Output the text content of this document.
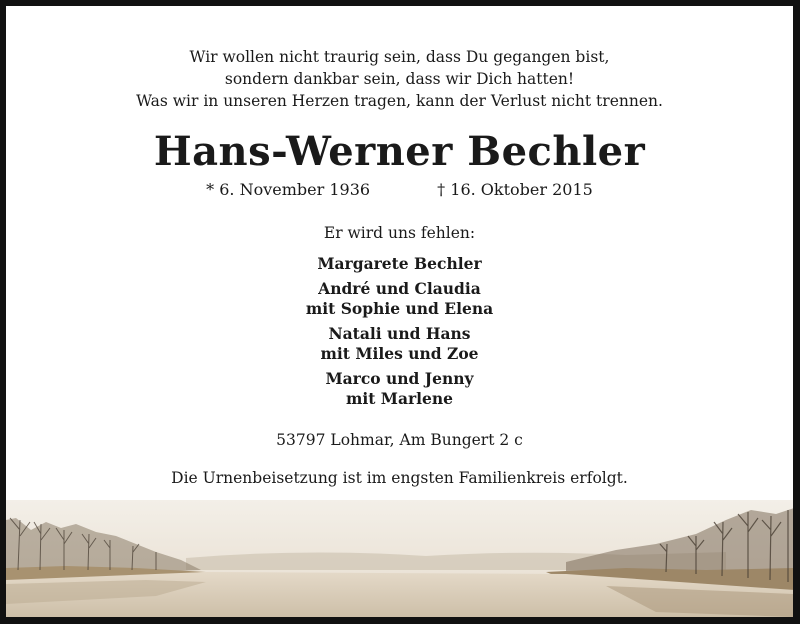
Wir wollen nicht traurig sein, dass Du gegangen bist,
sondern dankbar sein, dass wir Dich hatten!
Was wir in unseren Herzen tragen, kann der Verlust nicht trennen.
Hans-Werner Bechler
* 6. November 1936	† 16. Oktober 2015
Er wird uns fehlen:
Margarete Bechler
André und Claudia
mit Sophie und Elena
Natali und Hans
mit Miles und Zoe
Marco und Jenny
mit Marlene
53797 Lohmar, Am Bungert 2 c
Die Urnenbeisetzung ist im engsten Familienkreis erfolgt.
